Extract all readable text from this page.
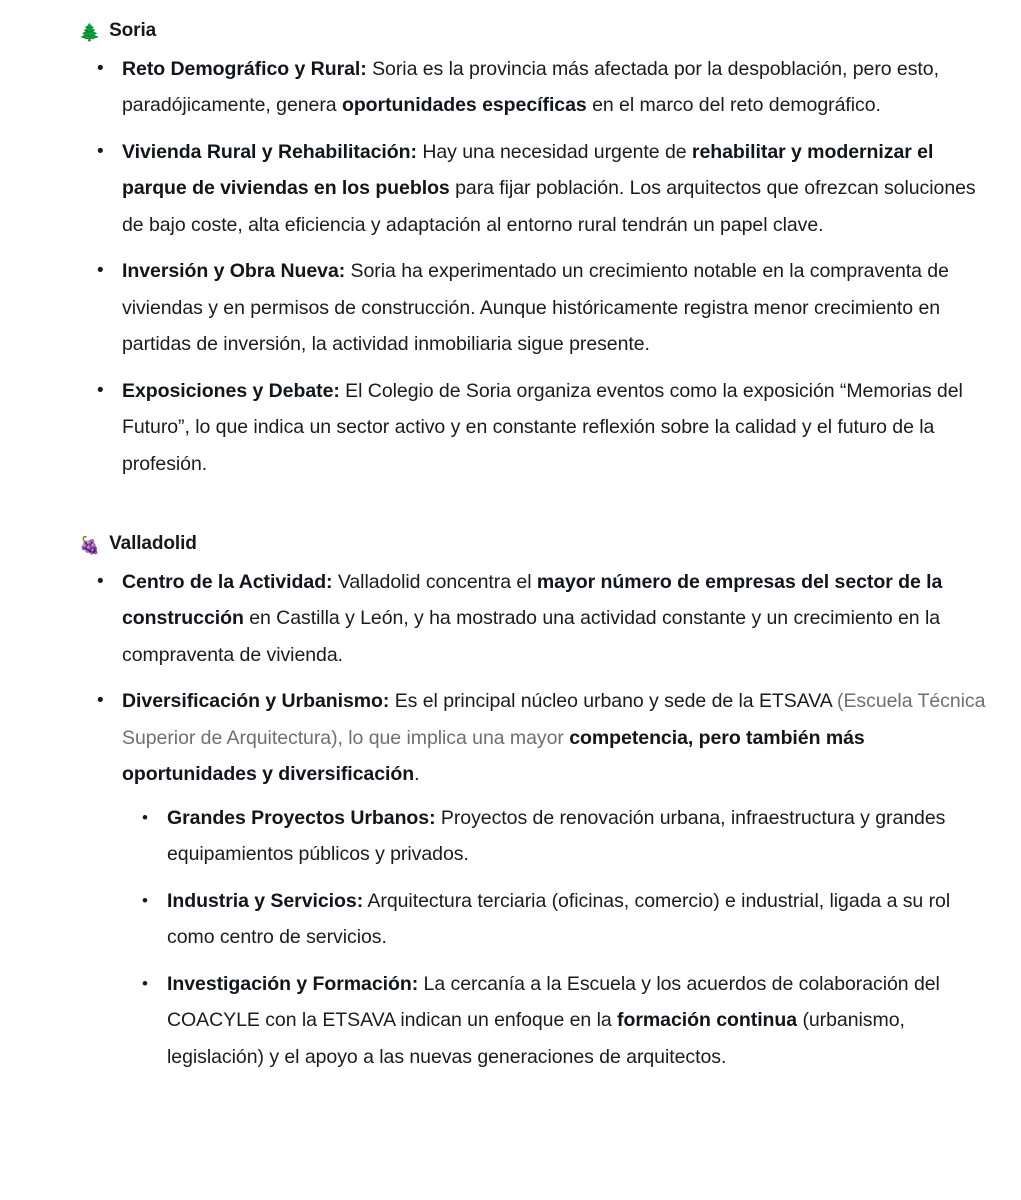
🌲 Soria
• Reto Demográfico y Rural: Soria es la provincia más afectada por la despoblación, pero esto, paradójicamente, genera oportunidades específicas en el marco del reto demográfico.
• Vivienda Rural y Rehabilitación: Hay una necesidad urgente de rehabilitar y modernizar el parque de viviendas en los pueblos para fijar población. Los arquitectos que ofrezcan soluciones de bajo coste, alta eficiencia y adaptación al entorno rural tendrán un papel clave.
• Inversión y Obra Nueva: Soria ha experimentado un crecimiento notable en la compraventa de viviendas y en permisos de construcción. Aunque históricamente registra menor crecimiento en partidas de inversión, la actividad inmobiliaria sigue presente.
• Exposiciones y Debate: El Colegio de Soria organiza eventos como la exposición “Memorias del Futuro”, lo que indica un sector activo y en constante reflexión sobre la calidad y el futuro de la profesión.
🍇 Valladolid
• Centro de la Actividad: Valladolid concentra el mayor número de empresas del sector de la construcción en Castilla y León, y ha mostrado una actividad constante y un crecimiento en la compraventa de vivienda.
• Diversificación y Urbanismo: Es el principal núcleo urbano y sede de la ETSAVA (Escuela Técnica Superior de Arquitectura), lo que implica una mayor competencia, pero también más oportunidades y diversificación.
• Grandes Proyectos Urbanos: Proyectos de renovación urbana, infraestructura y grandes equipamientos públicos y privados.
• Industria y Servicios: Arquitectura terciaria (oficinas, comercio) e industrial, ligada a su rol como centro de servicios.
• Investigación y Formación: La cercanía a la Escuela y los acuerdos de colaboración del COACYLE con la ETSAVA indican un enfoque en la formación continua (urbanismo, legislación) y el apoyo a las nuevas generaciones de arquitectos.
